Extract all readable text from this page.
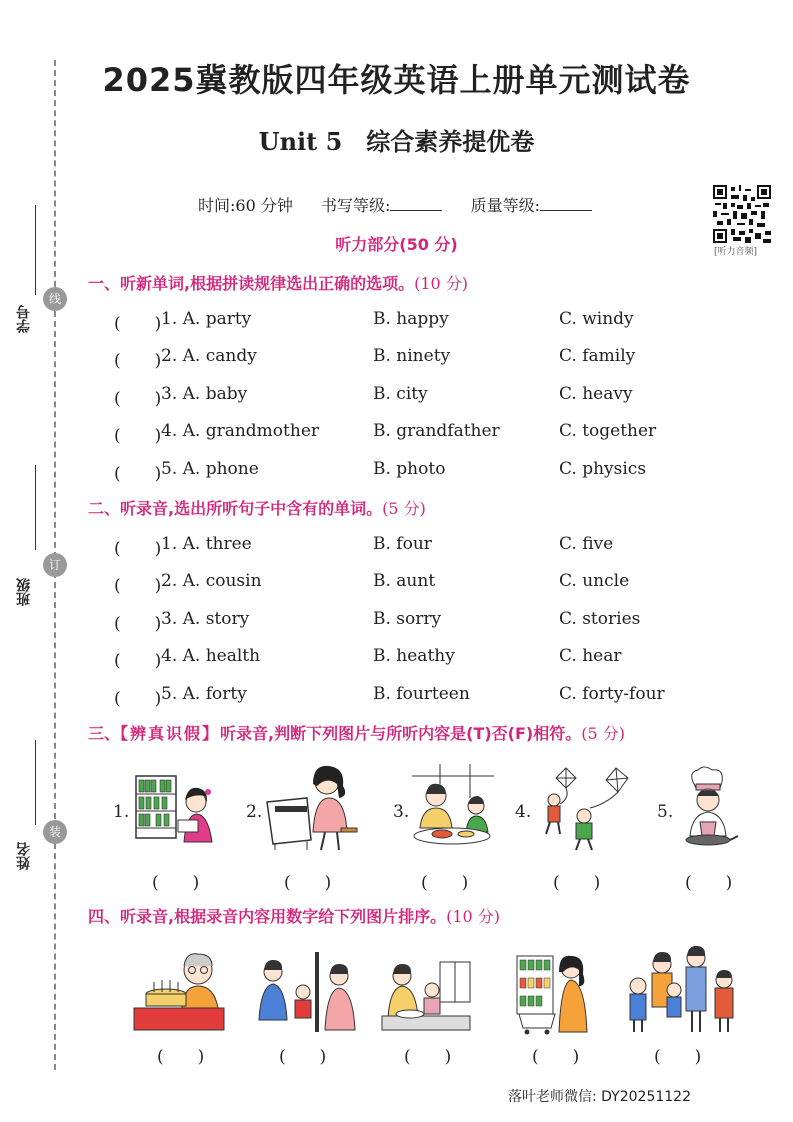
线
学号
订
班级
装
姓名
2025冀教版四年级英语上册单元测试卷
Unit 5　综合素养提优卷
时间:60 分钟 书写等级:	质量等级:
[听力音频]
听力部分(50 分)
一、听新单词,根据拼读规律选出正确的选项。(10 分)
(　　) 1. A. party	B. happy	C. windy
(　　) 2. A. candy	B. ninety	C. family
(　　) 3. A. baby	B. city	C. heavy
(　　) 4. A. grandmother	B. grandfather	C. together
(　　) 5. A. phone	B. photo	C. physics
二、听录音,选出所听句子中含有的单词。(5 分)
(　　) 1. A. three	B. four	C. five
(　　) 2. A. cousin	B. aunt	C. uncle
(　　) 3. A. story	B. sorry	C. stories
(　　) 4. A. health	B. heathy	C. hear
(　　) 5. A. forty	B. fourteen	C. forty-four
三、【辨真识假】听录音,判断下列图片与所听内容是(T)否(F)相符。(5 分)
1.	2.	3.	4.	5.
(　　)	(　　)	(　　)	(　　)	(　　)
四、听录音,根据录音内容用数字给下列图片排序。(10 分)
(　　)	(　　)	(　　)	(　　)	(　　)
落叶老师微信: DY20251122
